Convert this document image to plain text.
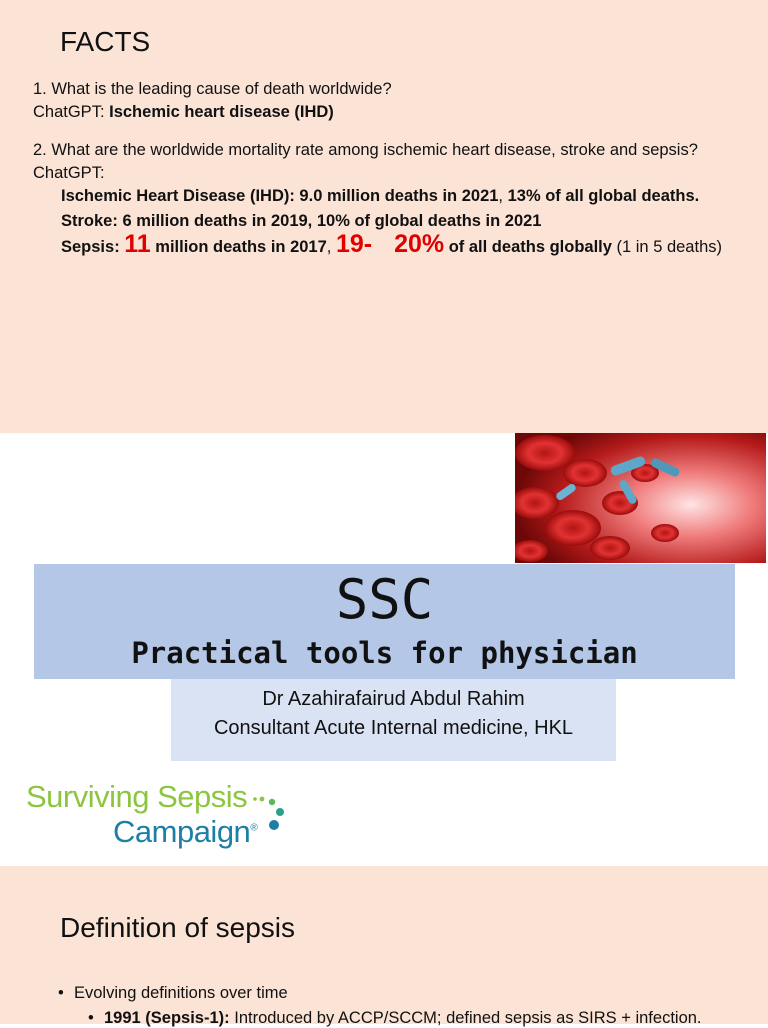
FACTS

1. What is the leading cause of death worldwide?

ChatGPT: Ischemic heart disease (IHD)

2. What are the worldwide mortality rate among ischemic heart disease, stroke and sepsis?

ChatGPT:

Ischemic Heart Disease (IHD): 9.0 million deaths in 2021, 13% of all global deaths.

Stroke: 6 million deaths in 2019, 10% of global deaths in 2021

Sepsis: 11 million deaths in 2017, 19- 20% of all deaths globally (1 in 5 deaths)

SSC
Practical tools for physician
Dr Azahirafairud Abdul Rahim
Consultant Acute Internal medicine, HKL
Surviving Sepsis
Campaign®
Definition of sepsis
• Evolving definitions over time
• 1991 (Sepsis-1): Introduced by ACCP/SCCM; defined sepsis as SIRS + infection.
